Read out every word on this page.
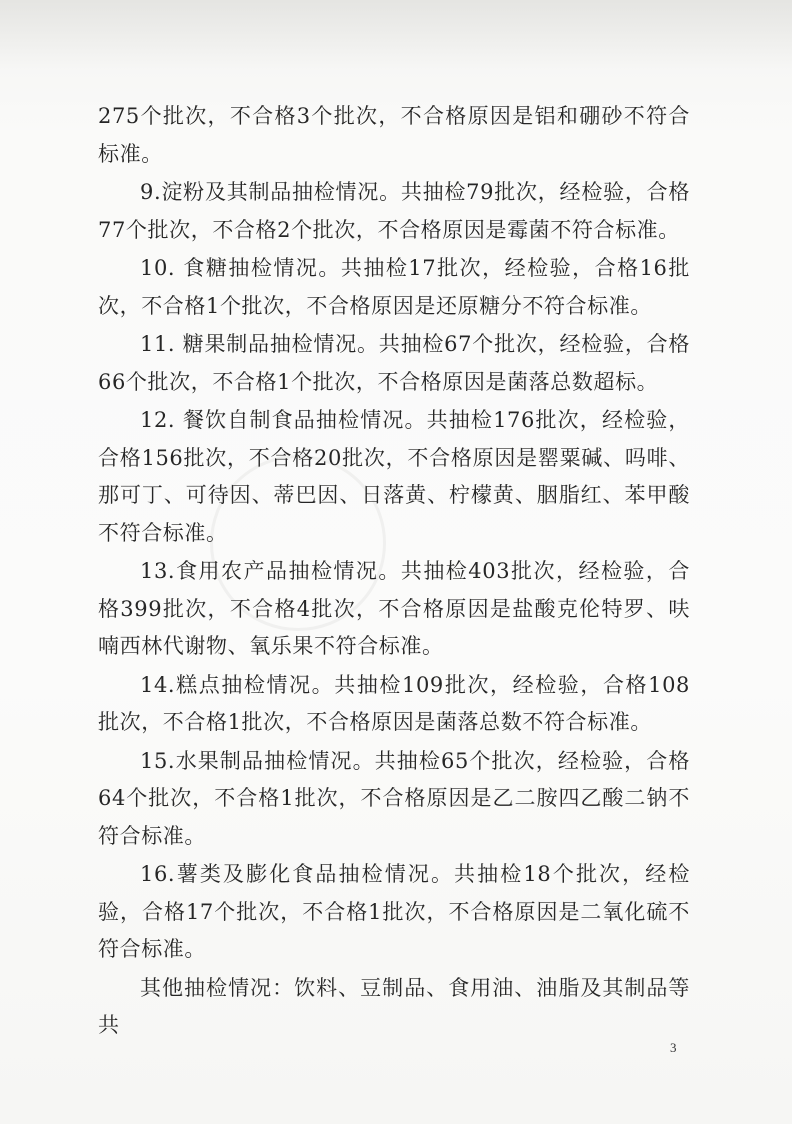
275个批次，不合格3个批次，不合格原因是铝和硼砂不符合标准。

9.淀粉及其制品抽检情况。共抽检79批次，经检验，合格77个批次，不合格2个批次，不合格原因是霉菌不符合标准。

10. 食糖抽检情况。共抽检17批次，经检验，合格16批次，不合格1个批次，不合格原因是还原糖分不符合标准。

11. 糖果制品抽检情况。共抽检67个批次，经检验，合格66个批次，不合格1个批次，不合格原因是菌落总数超标。

12. 餐饮自制食品抽检情况。共抽检176批次，经检验，合格156批次，不合格20批次，不合格原因是罂粟碱、吗啡、那可丁、可待因、蒂巴因、日落黄、柠檬黄、胭脂红、苯甲酸不符合标准。

13.食用农产品抽检情况。共抽检403批次，经检验，合格399批次，不合格4批次，不合格原因是盐酸克伦特罗、呋喃西林代谢物、氧乐果不符合标准。

14.糕点抽检情况。共抽检109批次，经检验，合格108批次，不合格1批次，不合格原因是菌落总数不符合标准。

15.水果制品抽检情况。共抽检65个批次，经检验，合格64个批次，不合格1批次，不合格原因是乙二胺四乙酸二钠不符合标准。

16.薯类及膨化食品抽检情况。共抽检18个批次，经检验，合格17个批次，不合格1批次，不合格原因是二氧化硫不符合标准。

其他抽检情况：饮料、豆制品、食用油、油脂及其制品等共

3
